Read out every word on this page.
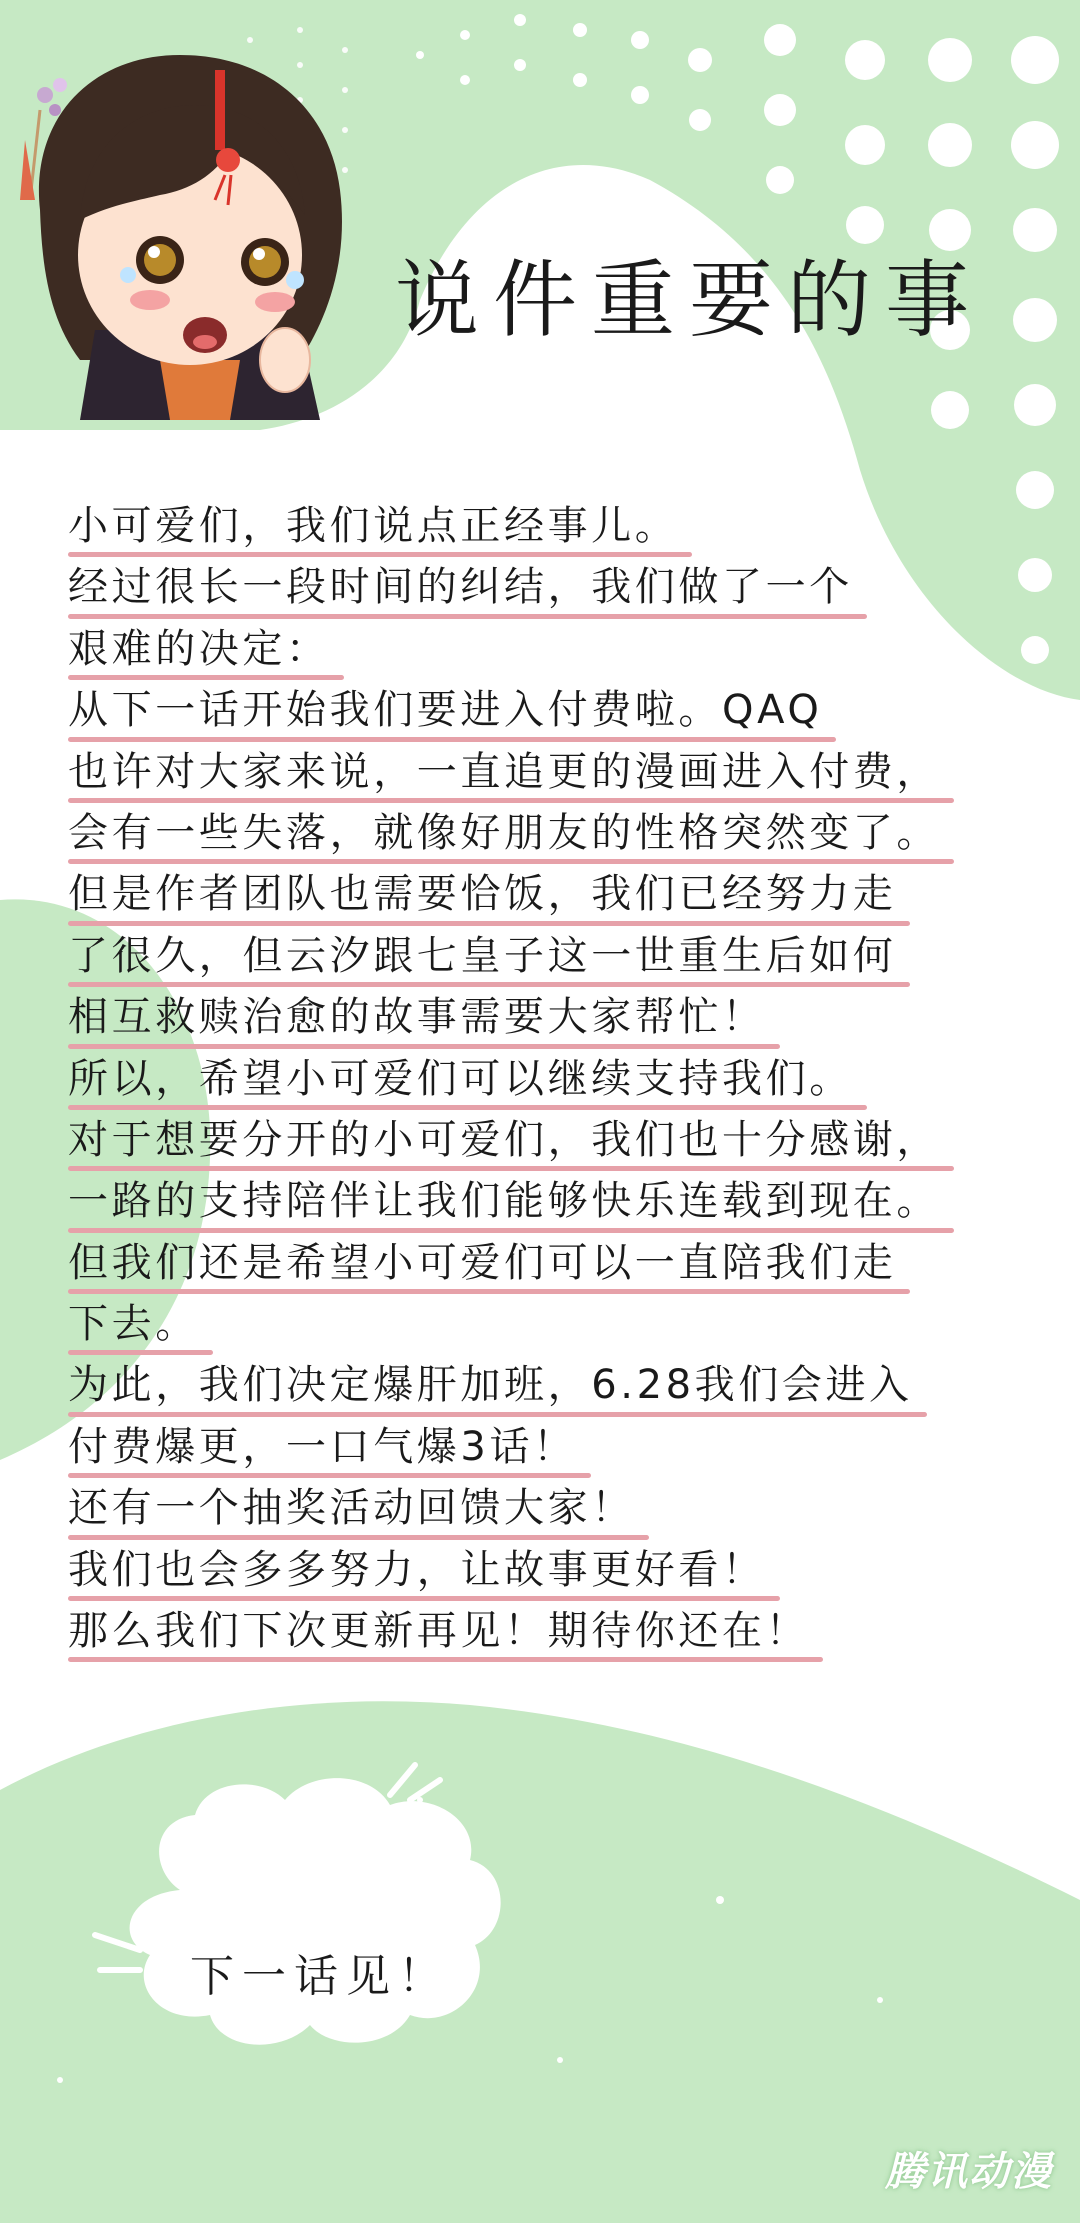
说件重要的事
小可爱们，我们说点正经事儿。
经过很长一段时间的纠结，我们做了一个
艰难的决定：
从下一话开始我们要进入付费啦。QAQ
也许对大家来说，一直追更的漫画进入付费，
会有一些失落，就像好朋友的性格突然变了。
但是作者团队也需要恰饭，我们已经努力走
了很久，但云汐跟七皇子这一世重生后如何
相互救赎治愈的故事需要大家帮忙！
所以，希望小可爱们可以继续支持我们。
对于想要分开的小可爱们，我们也十分感谢，
一路的支持陪伴让我们能够快乐连载到现在。
但我们还是希望小可爱们可以一直陪我们走
下去。
为此，我们决定爆肝加班，6.28我们会进入
付费爆更，一口气爆3话！
还有一个抽奖活动回馈大家！
我们也会多多努力，让故事更好看！
那么我们下次更新再见！期待你还在！
下一话见！
腾讯动漫
